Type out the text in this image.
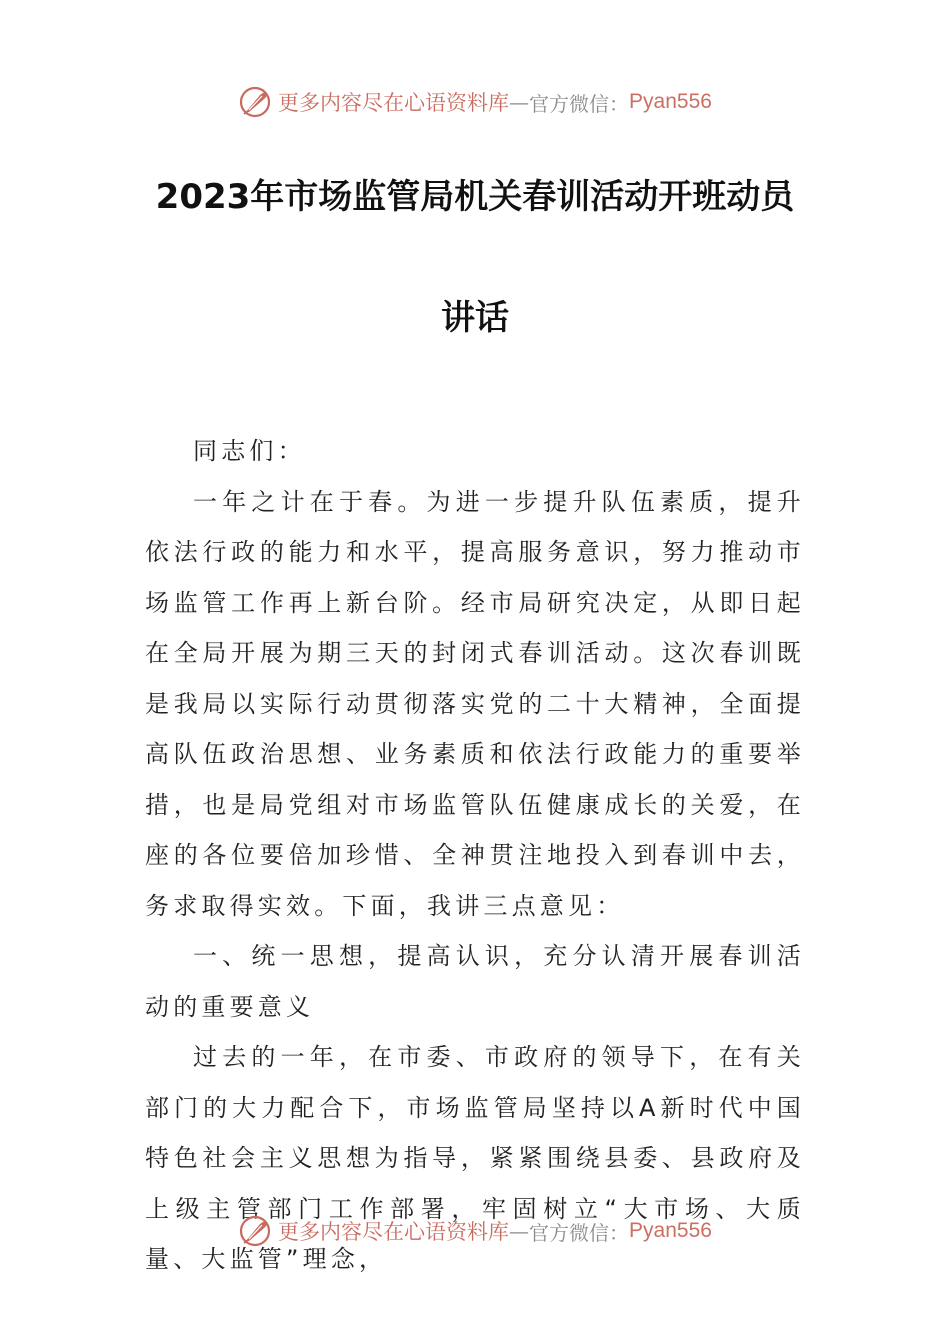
更多内容尽在心语资料库 — 官方微信： Pyan556
2023年市场监管局机关春训活动开班动员
讲话

同志们：

一年之计在于春。为进一步提升队伍素质，提升依法行政的能力和水平，提高服务意识，努力推动市场监管工作再上新台阶。经市局研究决定，从即日起在全局开展为期三天的封闭式春训活动。这次春训既是我局以实际行动贯彻落实党的二十大精神，全面提高队伍政治思想、业务素质和依法行政能力的重要举措，也是局党组对市场监管队伍健康成长的关爱，在座的各位要倍加珍惜、全神贯注地投入到春训中去，务求取得实效。下面，我讲三点意见：

一、统一思想，提高认识，充分认清开展春训活动的重要意义

过去的一年，在市委、市政府的领导下，在有关部门的大力配合下，市场监管局坚持以A新时代中国特色社会主义思想为指导，紧紧围绕县委、县政府及上级主管部门工作部署，牢固树立“大市场、大质量、大监管”理念，

更多内容尽在心语资料库 — 官方微信： Pyan556
